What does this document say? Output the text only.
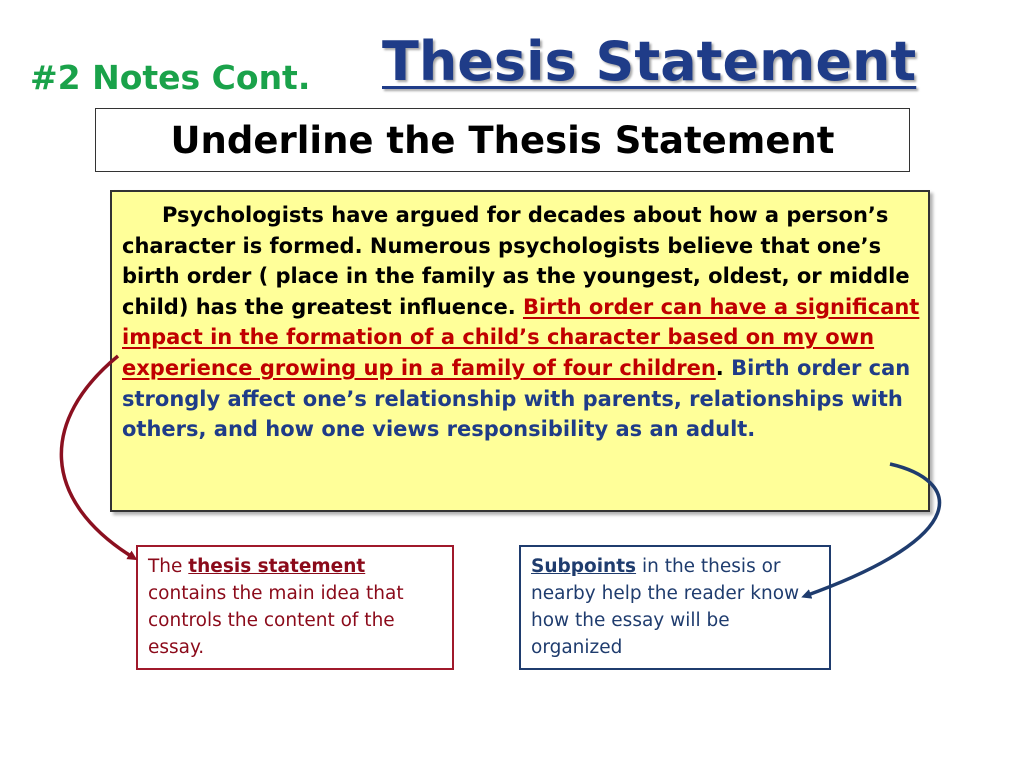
#2 Notes Cont. Thesis Statement
Underline the Thesis Statement
Psychologists have argued for decades about how a person’s character is formed. Numerous psychologists believe that one’s birth order ( place in the family as the youngest, oldest, or middle child) has the greatest influence. Birth order can have a significant impact in the formation of a child’s character based on my own experience growing up in a family of four children. Birth order can strongly affect one’s relationship with parents, relationships with others, and how one views responsibility as an adult.
The thesis statement contains the main idea that controls the content of the essay.
Subpoints in the thesis or nearby help the reader know how the essay will be organized
